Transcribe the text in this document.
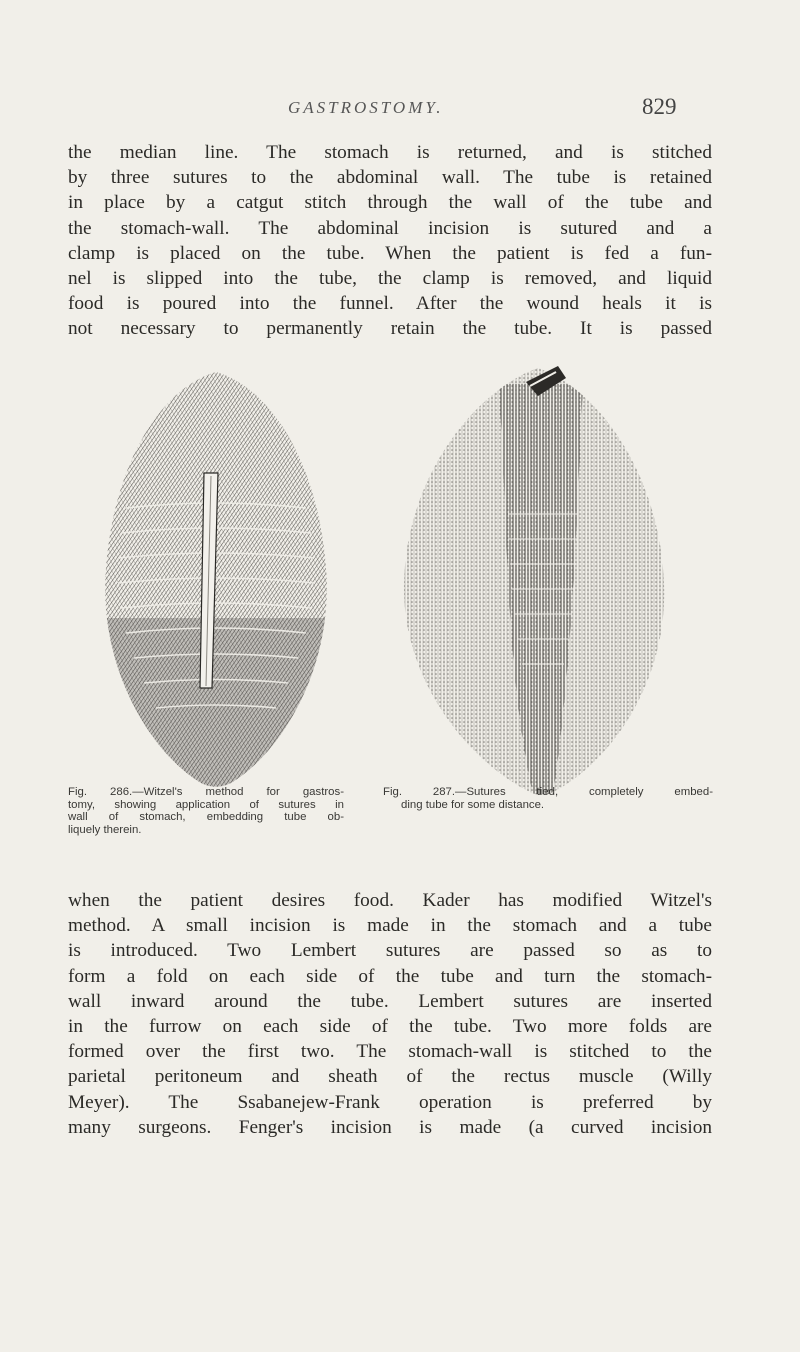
GASTROSTOMY.	829
the median line. The stomach is returned, and is stitched
by three sutures to the abdominal wall. The tube is retained
in place by a catgut stitch through the wall of the tube and
the stomach-wall. The abdominal incision is sutured and a
clamp is placed on the tube. When the patient is fed a fun-
nel is slipped into the tube, the clamp is removed, and liquid
food is poured into the funnel. After the wound heals it is
not necessary to permanently retain the tube. It is passed
Fig. 286.—Witzel's method for gastros-
tomy, showing application of sutures in
wall of stomach, embedding tube ob-
liquely therein.
Fig. 287.—Sutures tied, completely embed-
ding tube for some distance.
when the patient desires food. Kader has modified Witzel's
method. A small incision is made in the stomach and a tube
is introduced. Two Lembert sutures are passed so as to
form a fold on each side of the tube and turn the stomach-
wall inward around the tube. Lembert sutures are inserted
in the furrow on each side of the tube. Two more folds are
formed over the first two. The stomach-wall is stitched to the
parietal peritoneum and sheath of the rectus muscle (Willy
Meyer). The Ssabanejew-Frank operation is preferred by
many surgeons. Fenger's incision is made (a curved incision
